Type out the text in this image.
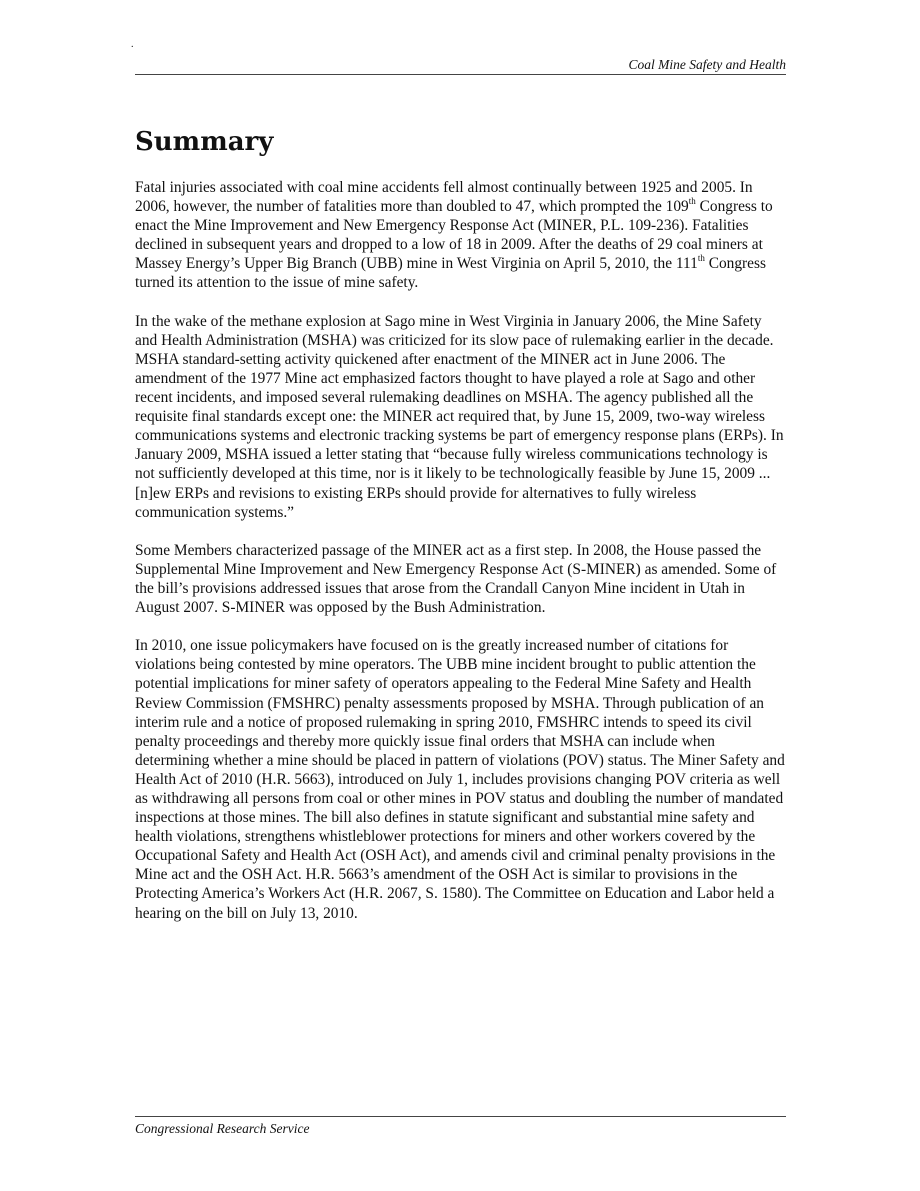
.
Coal Mine Safety and Health
Summary

Fatal injuries associated with coal mine accidents fell almost continually between 1925 and 2005. In 2006, however, the number of fatalities more than doubled to 47, which prompted the 109th Congress to enact the Mine Improvement and New Emergency Response Act (MINER, P.L. 109-236). Fatalities declined in subsequent years and dropped to a low of 18 in 2009. After the deaths of 29 coal miners at Massey Energy’s Upper Big Branch (UBB) mine in West Virginia on April 5, 2010, the 111th Congress turned its attention to the issue of mine safety.

In the wake of the methane explosion at Sago mine in West Virginia in January 2006, the Mine Safety and Health Administration (MSHA) was criticized for its slow pace of rulemaking earlier in the decade. MSHA standard-setting activity quickened after enactment of the MINER act in June 2006. The amendment of the 1977 Mine act emphasized factors thought to have played a role at Sago and other recent incidents, and imposed several rulemaking deadlines on MSHA. The agency published all the requisite final standards except one: the MINER act required that, by June 15, 2009, two-way wireless communications systems and electronic tracking systems be part of emergency response plans (ERPs). In January 2009, MSHA issued a letter stating that “because fully wireless communications technology is not sufficiently developed at this time, nor is it likely to be technologically feasible by June 15, 2009 ... [n]ew ERPs and revisions to existing ERPs should provide for alternatives to fully wireless communication systems.”

Some Members characterized passage of the MINER act as a first step. In 2008, the House passed the Supplemental Mine Improvement and New Emergency Response Act (S-MINER) as amended. Some of the bill’s provisions addressed issues that arose from the Crandall Canyon Mine incident in Utah in August 2007. S-MINER was opposed by the Bush Administration.

In 2010, one issue policymakers have focused on is the greatly increased number of citations for violations being contested by mine operators. The UBB mine incident brought to public attention the potential implications for miner safety of operators appealing to the Federal Mine Safety and Health Review Commission (FMSHRC) penalty assessments proposed by MSHA. Through publication of an interim rule and a notice of proposed rulemaking in spring 2010, FMSHRC intends to speed its civil penalty proceedings and thereby more quickly issue final orders that MSHA can include when determining whether a mine should be placed in pattern of violations (POV) status. The Miner Safety and Health Act of 2010 (H.R. 5663), introduced on July 1, includes provisions changing POV criteria as well as withdrawing all persons from coal or other mines in POV status and doubling the number of mandated inspections at those mines. The bill also defines in statute significant and substantial mine safety and health violations, strengthens whistleblower protections for miners and other workers covered by the Occupational Safety and Health Act (OSH Act), and amends civil and criminal penalty provisions in the Mine act and the OSH Act. H.R. 5663’s amendment of the OSH Act is similar to provisions in the Protecting America’s Workers Act (H.R. 2067, S. 1580). The Committee on Education and Labor held a hearing on the bill on July 13, 2010.

Congressional Research Service
